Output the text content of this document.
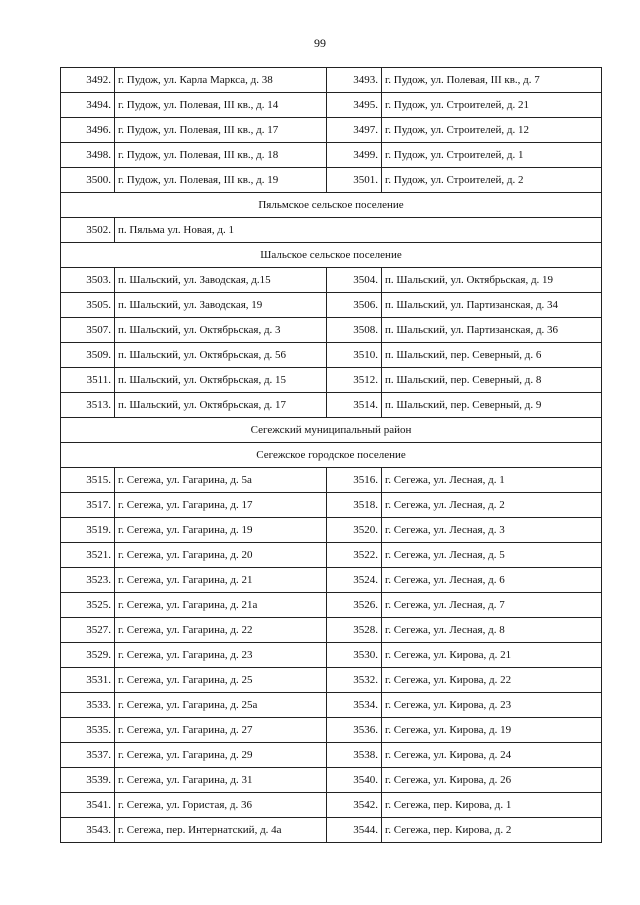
99
3492.	г. Пудож, ул. Карла Маркса, д. 38	3493.	г. Пудож, ул. Полевая, III кв., д. 7
3494.	г. Пудож, ул. Полевая, III кв., д. 14	3495.	г. Пудож, ул. Строителей, д. 21
3496.	г. Пудож, ул. Полевая, III кв., д. 17	3497.	г. Пудож, ул. Строителей, д. 12
3498.	г. Пудож, ул. Полевая, III кв., д. 18	3499.	г. Пудож, ул. Строителей, д. 1
3500.	г. Пудож, ул. Полевая, III кв., д. 19	3501.	г. Пудож, ул. Строителей, д. 2
Пяльмское сельское поселение			
3502.	п. Пяльма ул. Новая, д. 1		
Шальское сельское поселение			
3503.	п. Шальский, ул. Заводская, д.15	3504.	п. Шальский, ул. Октябрьская, д. 19
3505.	п. Шальский, ул. Заводская, 19	3506.	п. Шальский, ул. Партизанская, д. 34
3507.	п. Шальский, ул. Октябрьская, д. 3	3508.	п. Шальский, ул. Партизанская, д. 36
3509.	п. Шальский, ул. Октябрьская, д. 56	3510.	п. Шальский, пер. Северный, д. 6
3511.	п. Шальский, ул. Октябрьская, д. 15	3512.	п. Шальский, пер. Северный, д. 8
3513.	п. Шальский, ул. Октябрьская, д. 17	3514.	п. Шальский, пер. Северный, д. 9
Сегежский муниципальный район			
Сегежское городское поселение			
3515.	г. Сегежа, ул. Гагарина, д. 5а	3516.	г. Сегежа, ул. Лесная, д. 1
3517.	г. Сегежа, ул. Гагарина, д. 17	3518.	г. Сегежа, ул. Лесная, д. 2
3519.	г. Сегежа, ул. Гагарина, д. 19	3520.	г. Сегежа, ул. Лесная, д. 3
3521.	г. Сегежа, ул. Гагарина, д. 20	3522.	г. Сегежа, ул. Лесная, д. 5
3523.	г. Сегежа, ул. Гагарина, д. 21	3524.	г. Сегежа, ул. Лесная, д. 6
3525.	г. Сегежа, ул. Гагарина, д. 21а	3526.	г. Сегежа, ул. Лесная, д. 7
3527.	г. Сегежа, ул. Гагарина, д. 22	3528.	г. Сегежа, ул. Лесная, д. 8
3529.	г. Сегежа, ул. Гагарина, д. 23	3530.	г. Сегежа, ул. Кирова, д. 21
3531.	г. Сегежа, ул. Гагарина, д. 25	3532.	г. Сегежа, ул. Кирова, д. 22
3533.	г. Сегежа, ул. Гагарина, д. 25а	3534.	г. Сегежа, ул. Кирова, д. 23
3535.	г. Сегежа, ул. Гагарина, д. 27	3536.	г. Сегежа, ул. Кирова, д. 19
3537.	г. Сегежа, ул. Гагарина, д. 29	3538.	г. Сегежа, ул. Кирова, д. 24
3539.	г. Сегежа, ул. Гагарина, д. 31	3540.	г. Сегежа, ул. Кирова, д. 26
3541.	г. Сегежа, ул. Гористая, д. 36	3542.	г. Сегежа, пер. Кирова, д. 1
3543.	г. Сегежа, пер. Интернатский, д. 4а	3544.	г. Сегежа, пер. Кирова, д. 2
